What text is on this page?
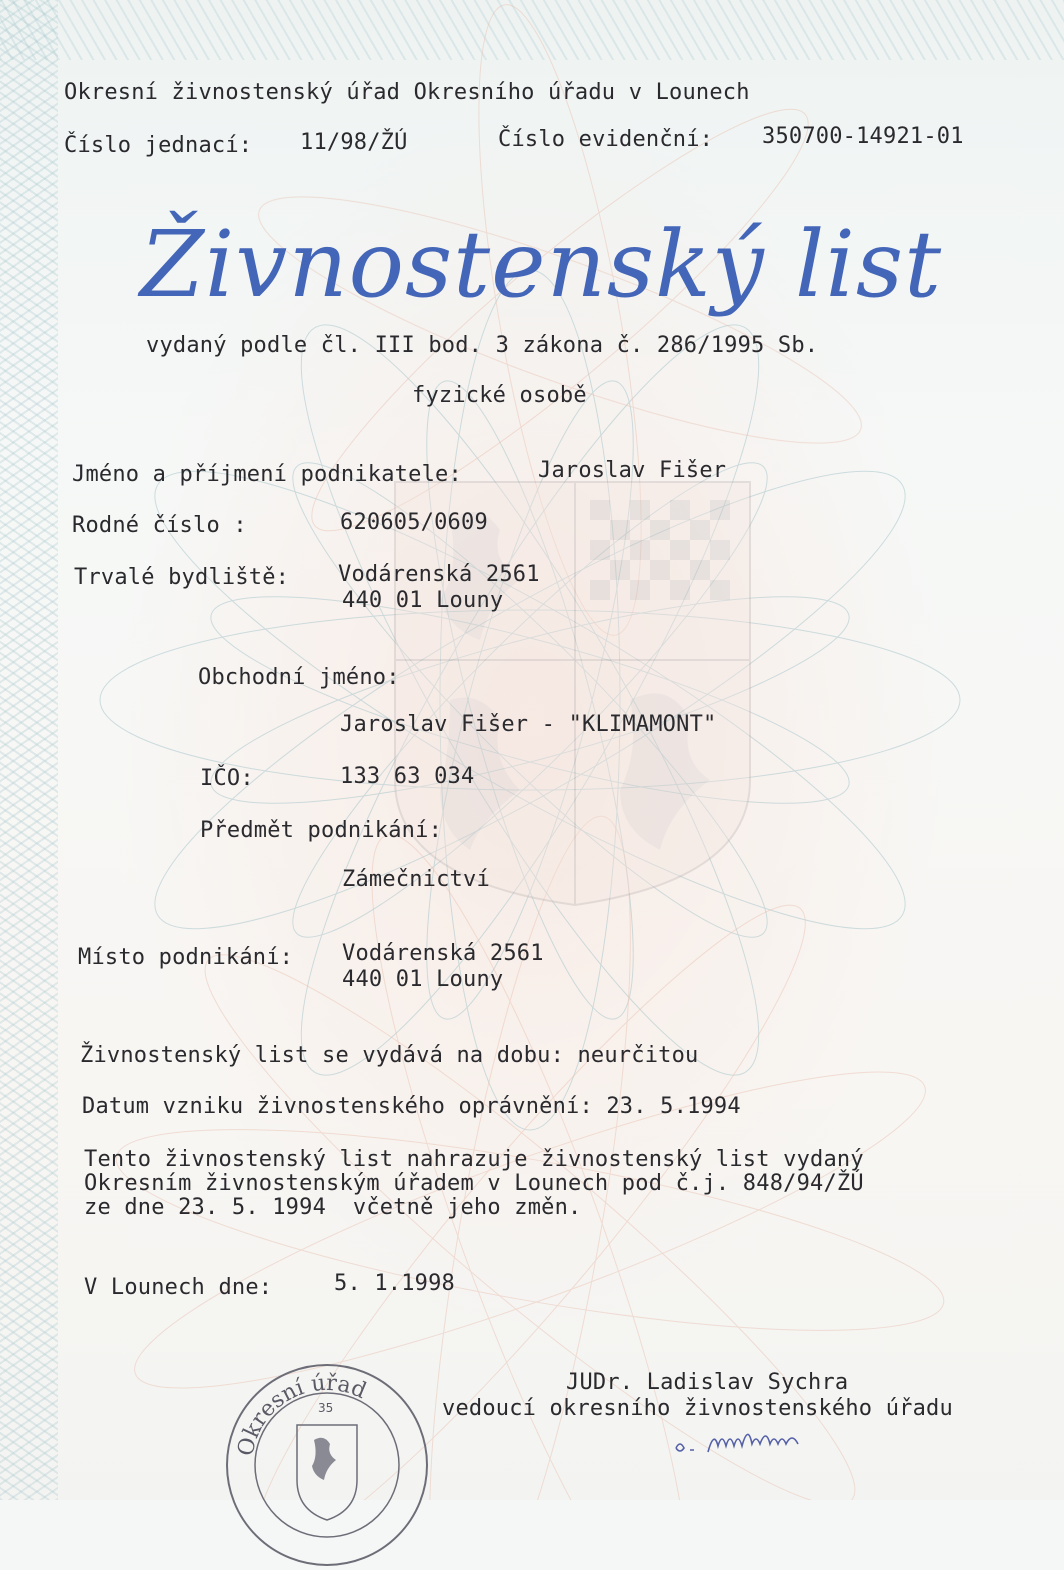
Okresní živnostenský úřad Okresního úřadu v Lounech
Číslo jednací: 11/98/ŽÚ	Číslo evidenční: 350700-14921-01
Živnostenský list
vydaný podle čl. III bod. 3 zákona č. 286/1995 Sb.
fyzické osobě
Jméno a příjmení podnikatele:	Jaroslav Fišer
Rodné číslo :	620605/0609
Trvalé bydliště: Vodárenská 2561
440 01 Louny
Obchodní jméno:
Jaroslav Fišer - "KLIMAMONT"
IČO:	133 63 034
Předmět podnikání:
Zámečnictví
Místo podnikání: Vodárenská 2561
440 01 Louny
Živnostenský list se vydává na dobu: neurčitou
Datum vzniku živnostenského oprávnění: 23. 5.1994
Tento živnostenský list nahrazuje živnostenský list vydaný
Okresním živnostenským úřadem v Lounech pod č.j. 848/94/ŽÚ
ze dne 23. 5. 1994  včetně jeho změn.
V Lounech dne:	5. 1.1998
JUDr. Ladislav Sychra
vedoucí okresního živnostenského úřadu
Okresní úřad
35
